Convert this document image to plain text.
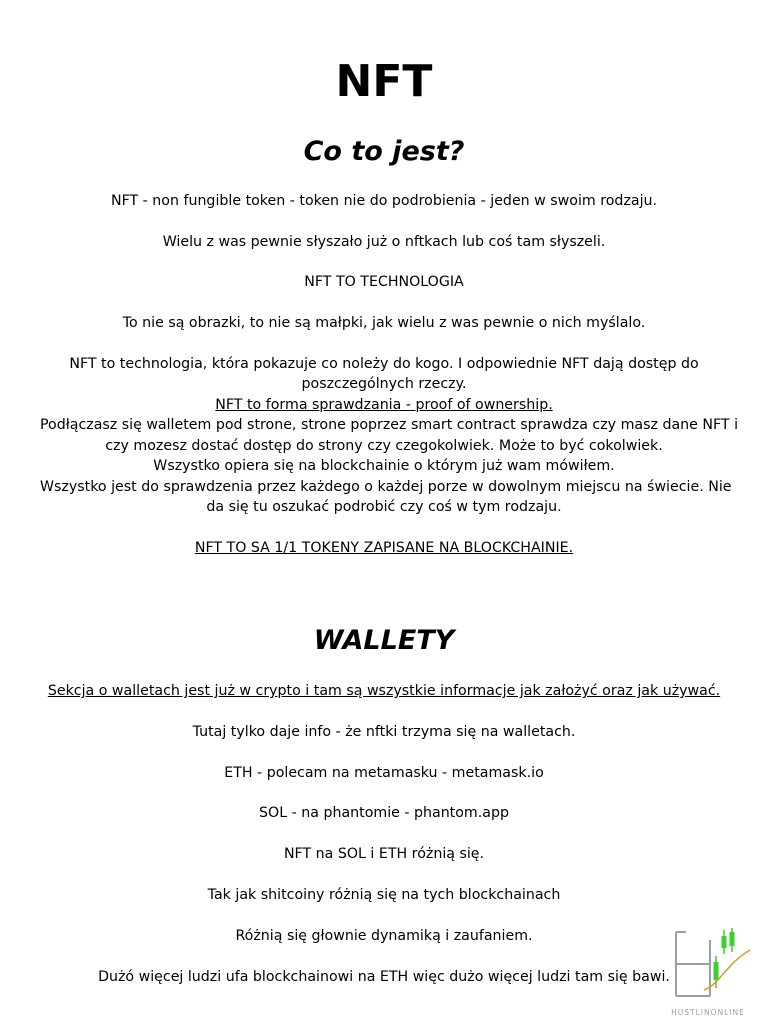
NFT
Co to jest?
NFT - non fungible token - token nie do podrobienia - jeden w swoim rodzaju.
Wielu z was pewnie słyszało już o nftkach lub coś tam słyszeli.
NFT TO TECHNOLOGIA
To nie są obrazki, to nie są małpki, jak wielu z was pewnie o nich myślalo.
NFT to technologia, która pokazuje co noleży do kogo. I odpowiednie NFT dają dostęp do
poszczególnych rzeczy.
NFT to forma sprawdzania - proof of ownership.
Podłączasz się walletem pod strone, strone poprzez smart contract sprawdza czy masz dane NFT i
czy mozesz dostać dostęp do strony czy czegokolwiek. Może to być cokolwiek.
Wszystko opiera się na blockchainie o którym już wam mówiłem.
Wszystko jest do sprawdzenia przez każdego o każdej porze w dowolnym miejscu na świecie. Nie
da się tu oszukać podrobić czy coś w tym rodzaju.
NFT TO SA 1/1 TOKENY ZAPISANE NA BLOCKCHAINIE.
WALLETY
Sekcja o walletach jest już w crypto i tam są wszystkie informacje jak założyć oraz jak używać.
Tutaj tylko daje info - że nftki trzyma się na walletach.
ETH - polecam na metamasku - metamask.io
SOL - na phantomie - phantom.app
NFT na SOL i ETH różnią się.
Tak jak shitcoiny różnią się na tych blockchainach
Różnią się głownie dynamiką i zaufaniem.
Dużó więcej ludzi ufa blockchainowi na ETH więc dużo więcej ludzi tam się bawi.
HUSTLINONLINE
